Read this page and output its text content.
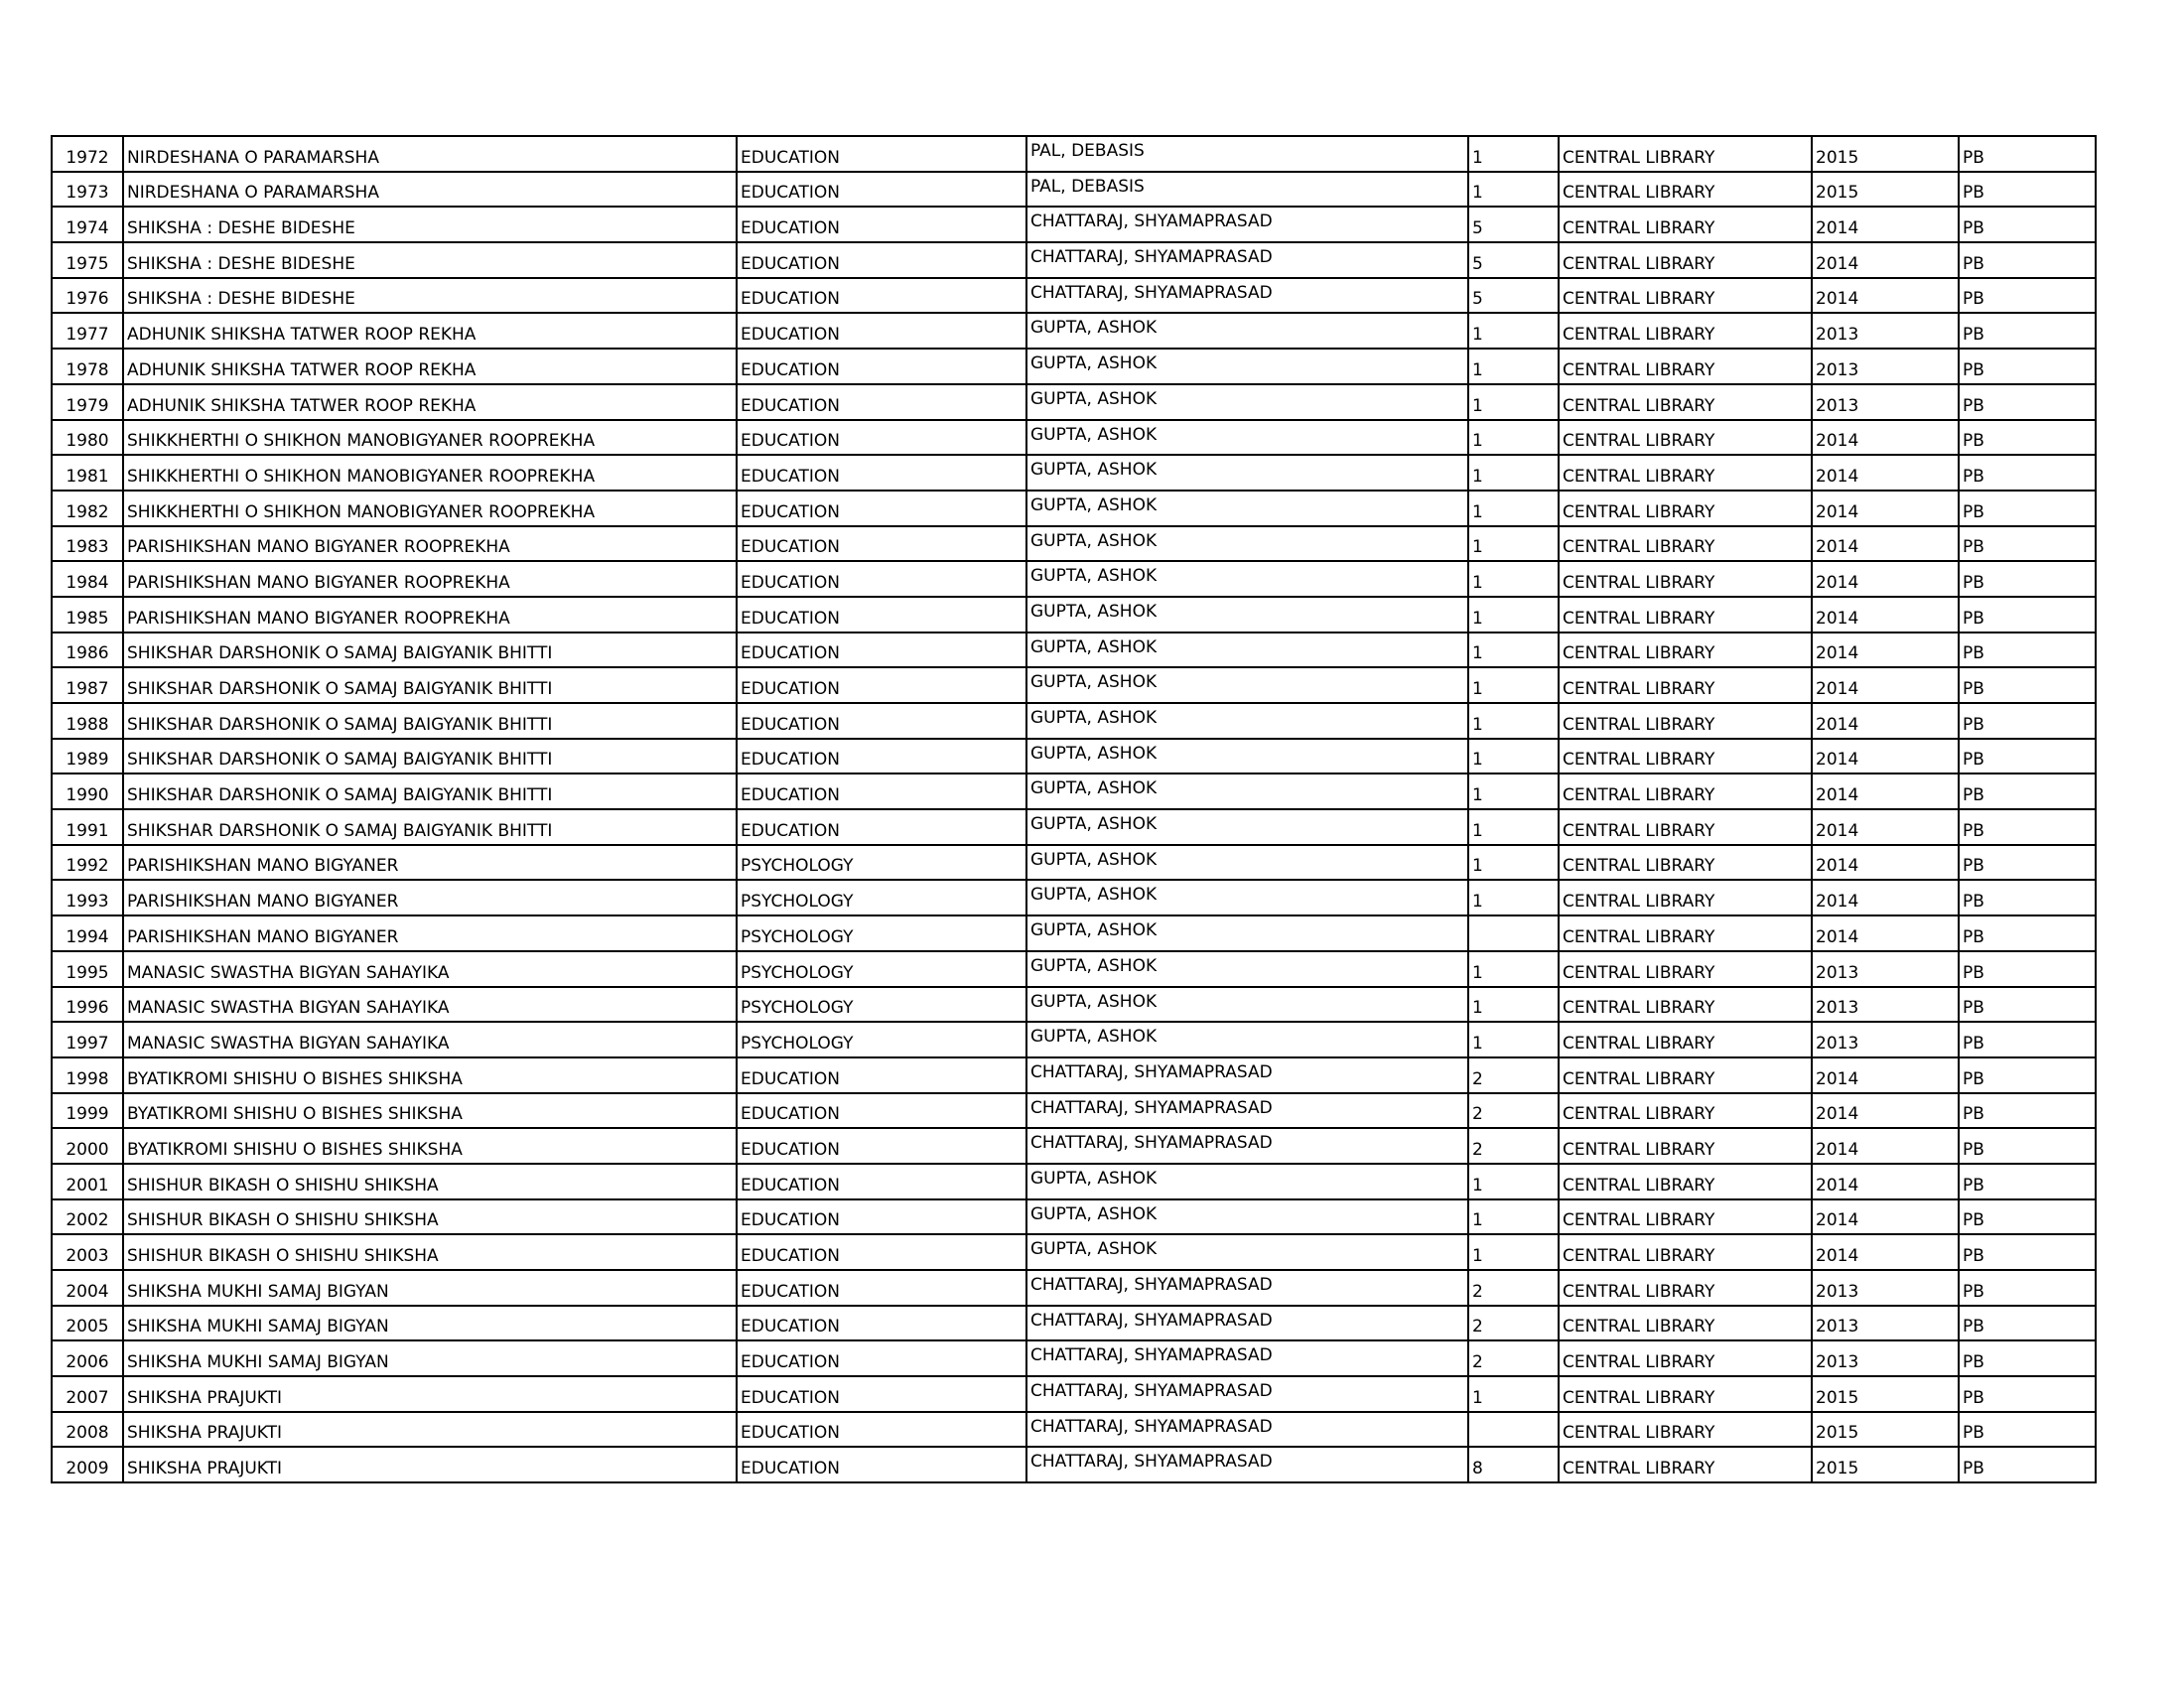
1972	NIRDESHANA O PARAMARSHA	EDUCATION	PAL, DEBASIS	1	CENTRAL LIBRARY	2015	PB
1973	NIRDESHANA O PARAMARSHA	EDUCATION	PAL, DEBASIS	1	CENTRAL LIBRARY	2015	PB
1974	SHIKSHA : DESHE BIDESHE	EDUCATION	CHATTARAJ, SHYAMAPRASAD	5	CENTRAL LIBRARY	2014	PB
1975	SHIKSHA : DESHE BIDESHE	EDUCATION	CHATTARAJ, SHYAMAPRASAD	5	CENTRAL LIBRARY	2014	PB
1976	SHIKSHA : DESHE BIDESHE	EDUCATION	CHATTARAJ, SHYAMAPRASAD	5	CENTRAL LIBRARY	2014	PB
1977	ADHUNIK SHIKSHA TATWER ROOP REKHA	EDUCATION	GUPTA, ASHOK	1	CENTRAL LIBRARY	2013	PB
1978	ADHUNIK SHIKSHA TATWER ROOP REKHA	EDUCATION	GUPTA, ASHOK	1	CENTRAL LIBRARY	2013	PB
1979	ADHUNIK SHIKSHA TATWER ROOP REKHA	EDUCATION	GUPTA, ASHOK	1	CENTRAL LIBRARY	2013	PB
1980	SHIKKHERTHI O SHIKHON MANOBIGYANER ROOPREKHA	EDUCATION	GUPTA, ASHOK	1	CENTRAL LIBRARY	2014	PB
1981	SHIKKHERTHI O SHIKHON MANOBIGYANER ROOPREKHA	EDUCATION	GUPTA, ASHOK	1	CENTRAL LIBRARY	2014	PB
1982	SHIKKHERTHI O SHIKHON MANOBIGYANER ROOPREKHA	EDUCATION	GUPTA, ASHOK	1	CENTRAL LIBRARY	2014	PB
1983	PARISHIKSHAN MANO BIGYANER ROOPREKHA	EDUCATION	GUPTA, ASHOK	1	CENTRAL LIBRARY	2014	PB
1984	PARISHIKSHAN MANO BIGYANER ROOPREKHA	EDUCATION	GUPTA, ASHOK	1	CENTRAL LIBRARY	2014	PB
1985	PARISHIKSHAN MANO BIGYANER ROOPREKHA	EDUCATION	GUPTA, ASHOK	1	CENTRAL LIBRARY	2014	PB
1986	SHIKSHAR DARSHONIK O SAMAJ BAIGYANIK BHITTI	EDUCATION	GUPTA, ASHOK	1	CENTRAL LIBRARY	2014	PB
1987	SHIKSHAR DARSHONIK O SAMAJ BAIGYANIK BHITTI	EDUCATION	GUPTA, ASHOK	1	CENTRAL LIBRARY	2014	PB
1988	SHIKSHAR DARSHONIK O SAMAJ BAIGYANIK BHITTI	EDUCATION	GUPTA, ASHOK	1	CENTRAL LIBRARY	2014	PB
1989	SHIKSHAR DARSHONIK O SAMAJ BAIGYANIK BHITTI	EDUCATION	GUPTA, ASHOK	1	CENTRAL LIBRARY	2014	PB
1990	SHIKSHAR DARSHONIK O SAMAJ BAIGYANIK BHITTI	EDUCATION	GUPTA, ASHOK	1	CENTRAL LIBRARY	2014	PB
1991	SHIKSHAR DARSHONIK O SAMAJ BAIGYANIK BHITTI	EDUCATION	GUPTA, ASHOK	1	CENTRAL LIBRARY	2014	PB
1992	PARISHIKSHAN MANO BIGYANER	PSYCHOLOGY	GUPTA, ASHOK	1	CENTRAL LIBRARY	2014	PB
1993	PARISHIKSHAN MANO BIGYANER	PSYCHOLOGY	GUPTA, ASHOK	1	CENTRAL LIBRARY	2014	PB
1994	PARISHIKSHAN MANO BIGYANER	PSYCHOLOGY	GUPTA, ASHOK		CENTRAL LIBRARY	2014	PB
1995	MANASIC SWASTHA BIGYAN SAHAYIKA	PSYCHOLOGY	GUPTA, ASHOK	1	CENTRAL LIBRARY	2013	PB
1996	MANASIC SWASTHA BIGYAN SAHAYIKA	PSYCHOLOGY	GUPTA, ASHOK	1	CENTRAL LIBRARY	2013	PB
1997	MANASIC SWASTHA BIGYAN SAHAYIKA	PSYCHOLOGY	GUPTA, ASHOK	1	CENTRAL LIBRARY	2013	PB
1998	BYATIKROMI SHISHU O BISHES SHIKSHA	EDUCATION	CHATTARAJ, SHYAMAPRASAD	2	CENTRAL LIBRARY	2014	PB
1999	BYATIKROMI SHISHU O BISHES SHIKSHA	EDUCATION	CHATTARAJ, SHYAMAPRASAD	2	CENTRAL LIBRARY	2014	PB
2000	BYATIKROMI SHISHU O BISHES SHIKSHA	EDUCATION	CHATTARAJ, SHYAMAPRASAD	2	CENTRAL LIBRARY	2014	PB
2001	SHISHUR BIKASH O SHISHU SHIKSHA	EDUCATION	GUPTA, ASHOK	1	CENTRAL LIBRARY	2014	PB
2002	SHISHUR BIKASH O SHISHU SHIKSHA	EDUCATION	GUPTA, ASHOK	1	CENTRAL LIBRARY	2014	PB
2003	SHISHUR BIKASH O SHISHU SHIKSHA	EDUCATION	GUPTA, ASHOK	1	CENTRAL LIBRARY	2014	PB
2004	SHIKSHA MUKHI SAMAJ BIGYAN	EDUCATION	CHATTARAJ, SHYAMAPRASAD	2	CENTRAL LIBRARY	2013	PB
2005	SHIKSHA MUKHI SAMAJ BIGYAN	EDUCATION	CHATTARAJ, SHYAMAPRASAD	2	CENTRAL LIBRARY	2013	PB
2006	SHIKSHA MUKHI SAMAJ BIGYAN	EDUCATION	CHATTARAJ, SHYAMAPRASAD	2	CENTRAL LIBRARY	2013	PB
2007	SHIKSHA PRAJUKTI	EDUCATION	CHATTARAJ, SHYAMAPRASAD	1	CENTRAL LIBRARY	2015	PB
2008	SHIKSHA PRAJUKTI	EDUCATION	CHATTARAJ, SHYAMAPRASAD		CENTRAL LIBRARY	2015	PB
2009	SHIKSHA PRAJUKTI	EDUCATION	CHATTARAJ, SHYAMAPRASAD	8	CENTRAL LIBRARY	2015	PB
